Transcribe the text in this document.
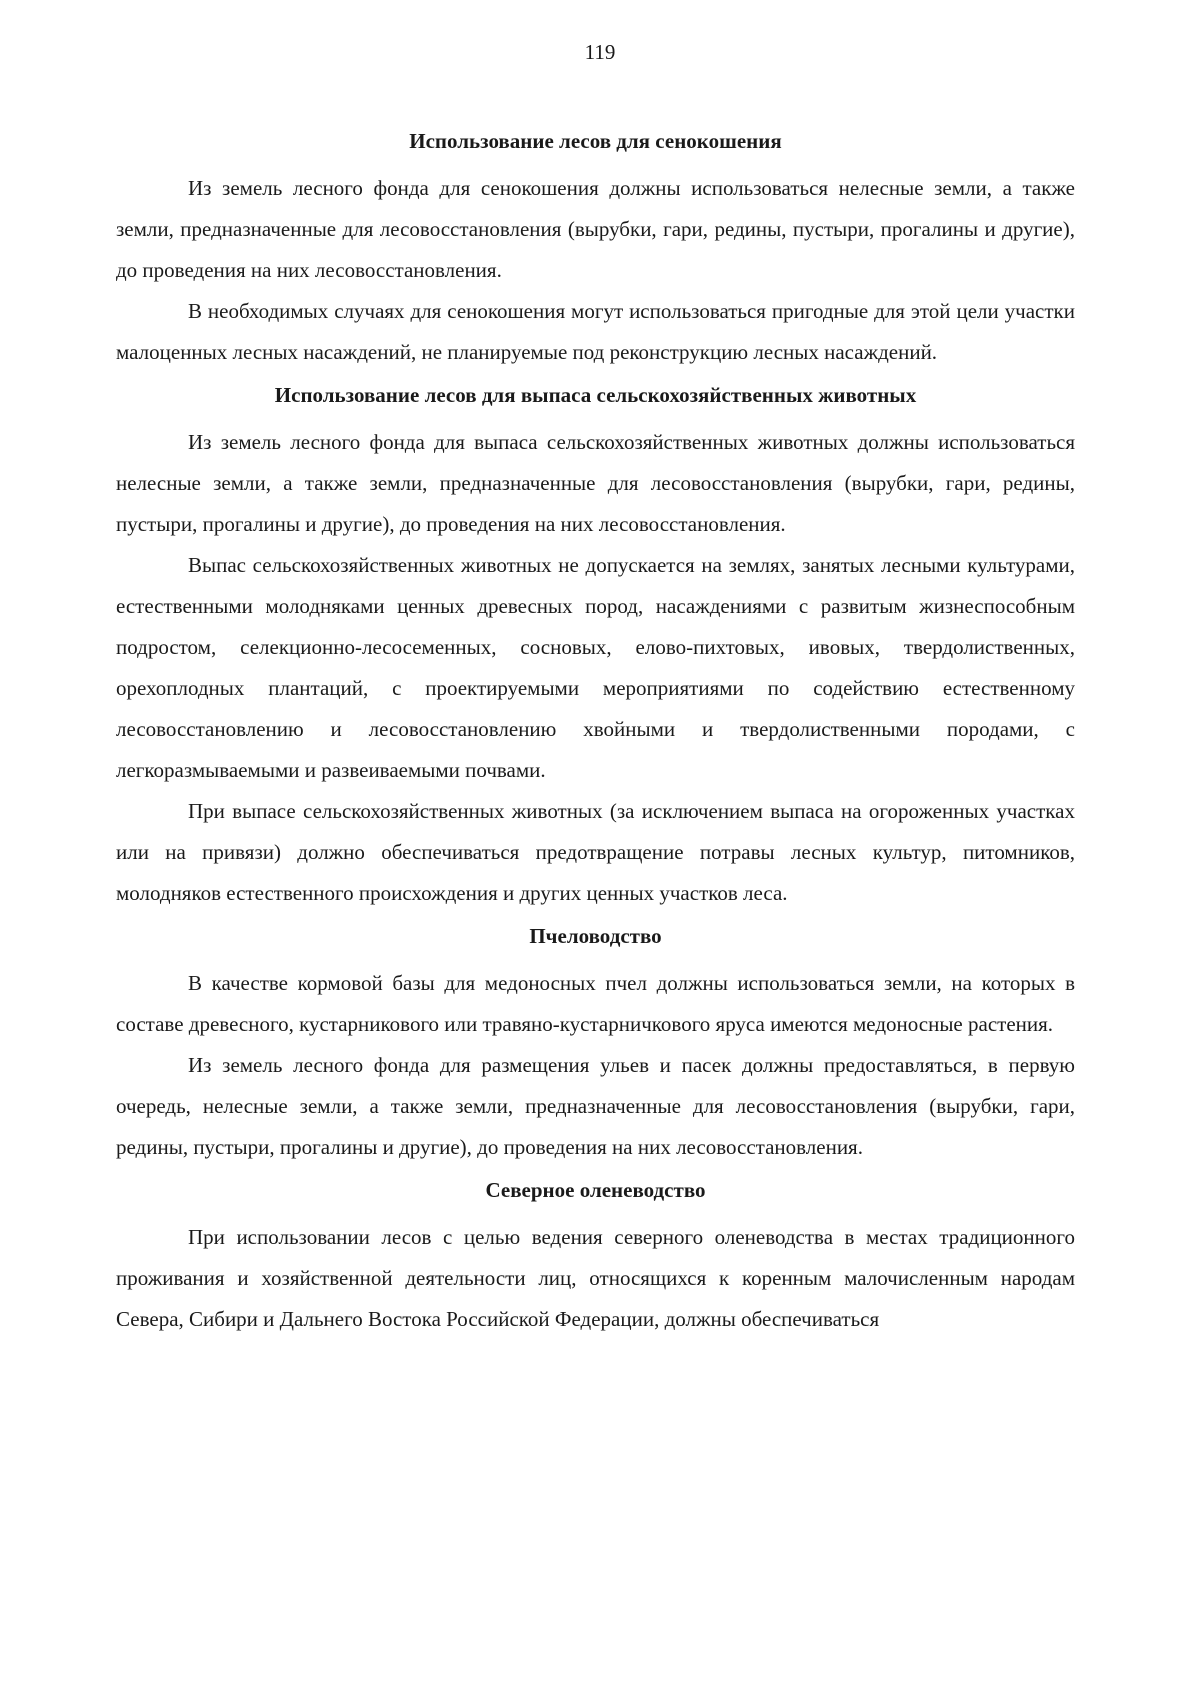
119
Использование лесов для сенокошения

Из земель лесного фонда для сенокошения должны использоваться нелесные земли, а также земли, предназначенные для лесовосстановления (вырубки, гари, редины, пустыри, прогалины и другие), до проведения на них лесовосстановления.

В необходимых случаях для сенокошения могут использоваться пригодные для этой цели участки малоценных лесных насаждений, не планируемые под реконструкцию лесных насаждений.

Использование лесов для выпаса сельскохозяйственных животных

Из земель лесного фонда для выпаса сельскохозяйственных животных должны использоваться нелесные земли, а также земли, предназначенные для лесовосстановления (вырубки, гари, редины, пустыри, прогалины и другие), до проведения на них лесовосстановления.

Выпас сельскохозяйственных животных не допускается на землях, занятых лесными культурами, естественными молодняками ценных древесных пород, насаждениями с развитым жизнеспособным подростом, селекционно-лесосеменных, сосновых, елово-пихтовых, ивовых, твердолиственных, орехоплодных плантаций, с проектируемыми мероприятиями по содействию естественному лесовосстановлению и лесовосстановлению хвойными и твердолиственными породами, с легкоразмываемыми и развеиваемыми почвами.

При выпасе сельскохозяйственных животных (за исключением выпаса на огороженных участках или на привязи) должно обеспечиваться предотвращение потравы лесных культур, питомников, молодняков естественного происхождения и других ценных участков леса.

Пчеловодство

В качестве кормовой базы для медоносных пчел должны использоваться земли, на которых в составе древесного, кустарникового или травяно-кустарничкового яруса имеются медоносные растения.

Из земель лесного фонда для размещения ульев и пасек должны предоставляться, в первую очередь, нелесные земли, а также земли, предназначенные для лесовосстановления (вырубки, гари, редины, пустыри, прогалины и другие), до проведения на них лесовосстановления.

Северное оленеводство

При использовании лесов с целью ведения северного оленеводства в местах традиционного проживания и хозяйственной деятельности лиц, относящихся к коренным малочисленным народам Севера, Сибири и Дальнего Востока Российской Федерации, должны обеспечиваться
